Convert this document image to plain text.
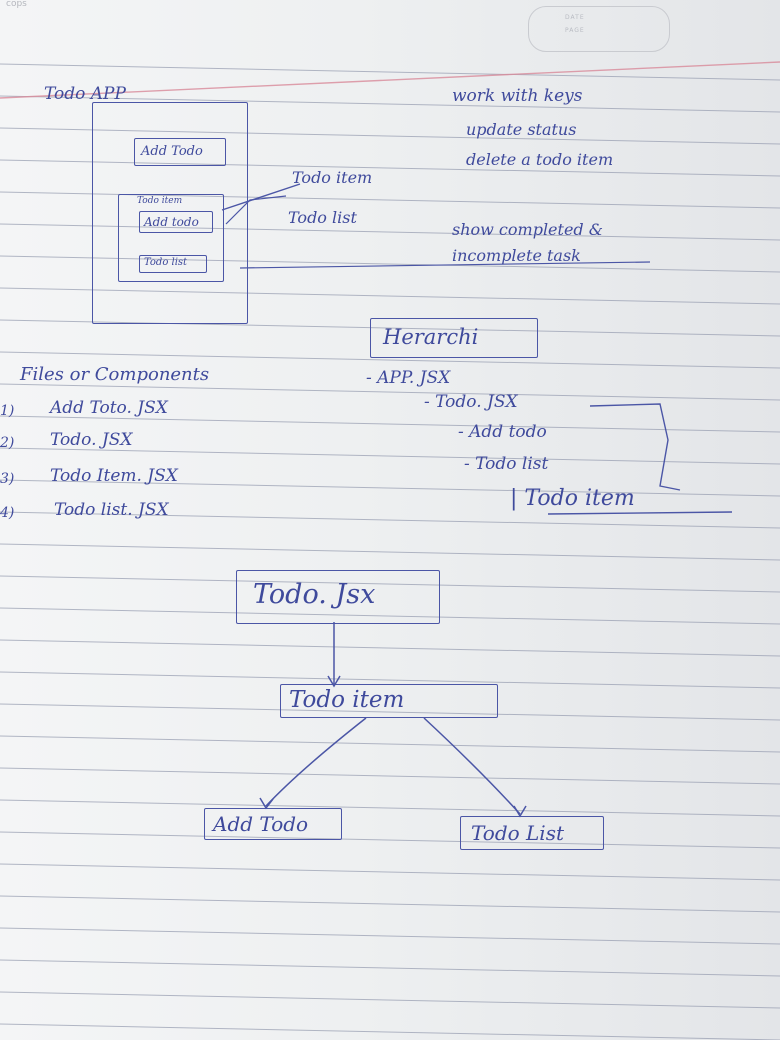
cops
DATE
PAGE
Todo APP
Add Todo
Todo item
Add todo
Todo list
Todo item
Todo list
work with keys
update status
delete a todo item
show completed &
incomplete task
Files or Components
1) Add Toto. JSX
2) Todo. JSX
3) Todo Item. JSX
4) Todo list. JSX
Herarchi
- APP. JSX
- Todo. JSX
- Add todo
- Todo list
| Todo item
Todo. Jsx
Todo item
Add Todo	Todo List
